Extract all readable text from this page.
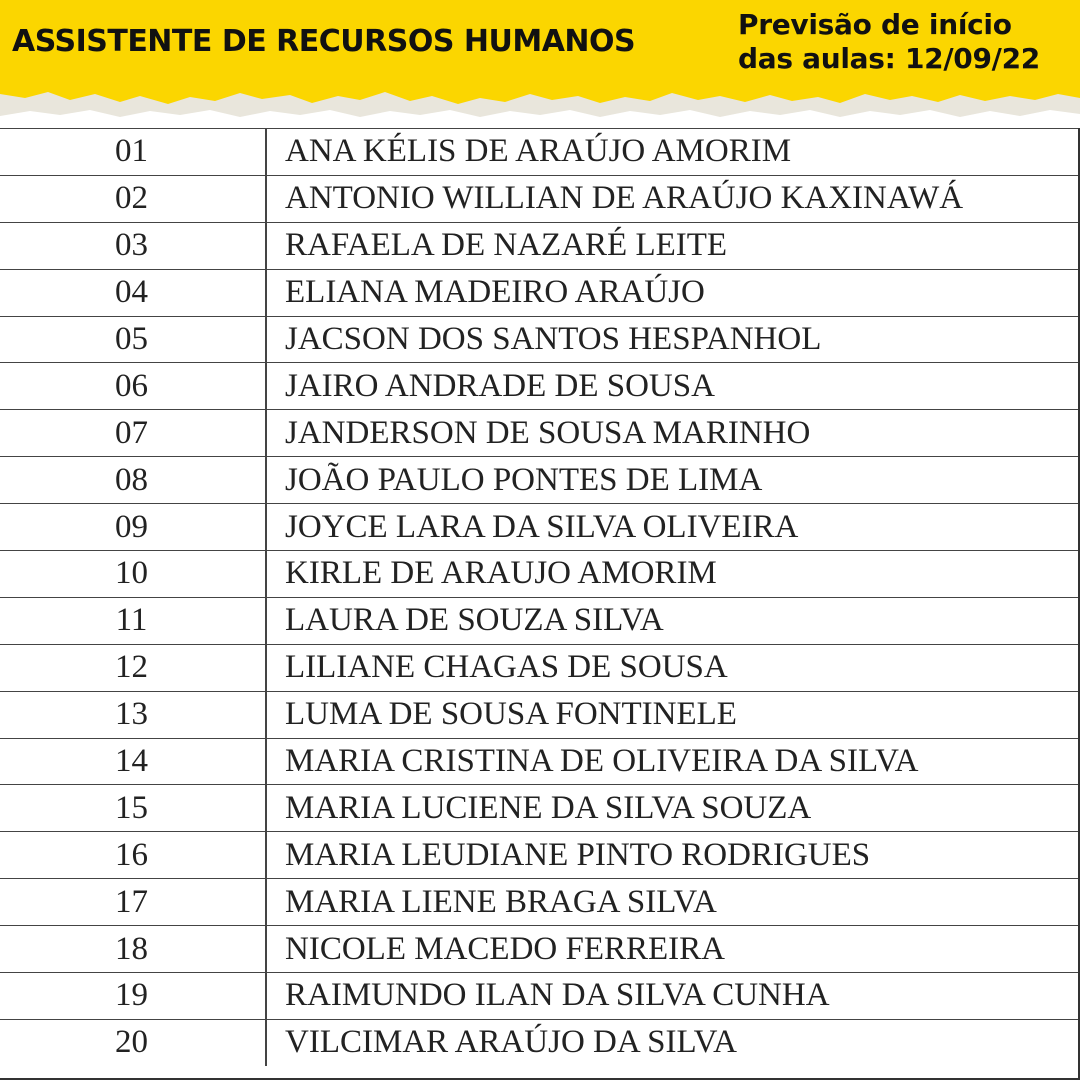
ASSISTENTE DE RECURSOS HUMANOS	Previsão de início
das aulas: 12/09/22
01	ANA KÉLIS DE ARAÚJO AMORIM
02	ANTONIO WILLIAN DE ARAÚJO KAXINAWÁ
03	RAFAELA DE NAZARÉ LEITE
04	ELIANA MADEIRO ARAÚJO
05	JACSON DOS SANTOS HESPANHOL
06	JAIRO ANDRADE DE SOUSA
07	JANDERSON DE SOUSA MARINHO
08	JOÃO PAULO PONTES DE LIMA
09	JOYCE LARA DA SILVA OLIVEIRA
10	KIRLE DE ARAUJO AMORIM
11	LAURA DE SOUZA SILVA
12	LILIANE CHAGAS DE SOUSA
13	LUMA DE SOUSA FONTINELE
14	MARIA CRISTINA DE OLIVEIRA DA SILVA
15	MARIA LUCIENE DA SILVA SOUZA
16	MARIA LEUDIANE PINTO RODRIGUES
17	MARIA LIENE BRAGA SILVA
18	NICOLE MACEDO FERREIRA
19	RAIMUNDO ILAN DA SILVA CUNHA
20	VILCIMAR ARAÚJO DA SILVA
